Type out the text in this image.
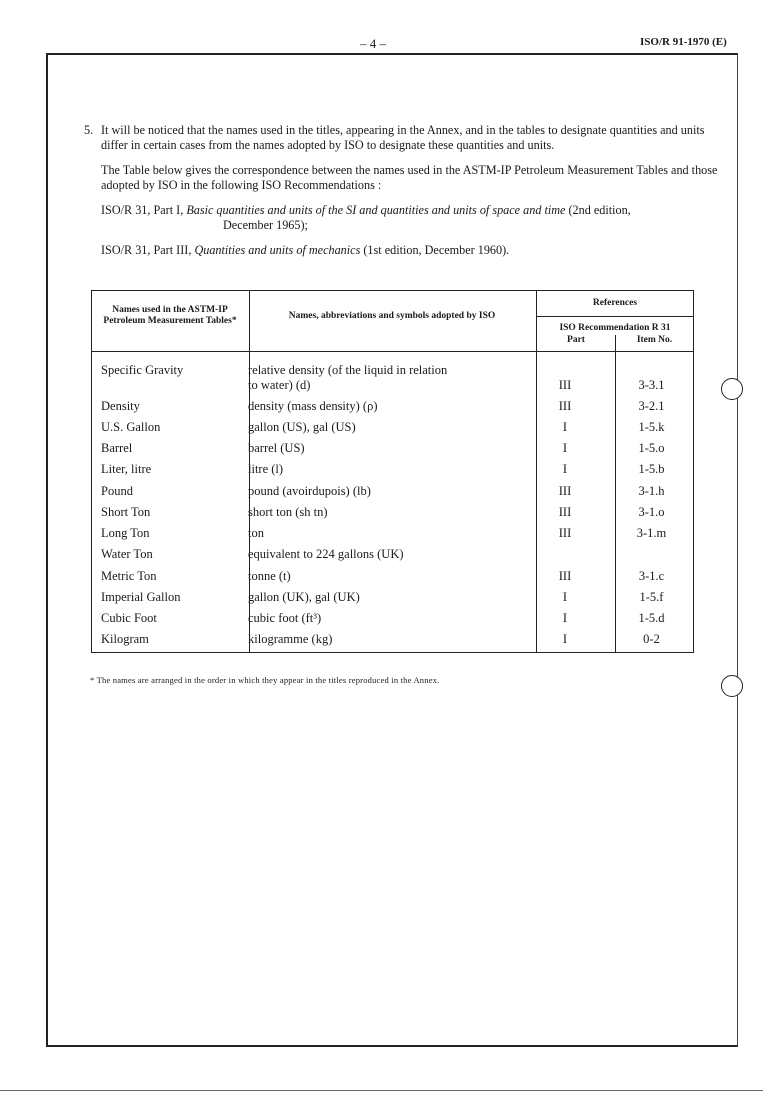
– 4 –	ISO/R 91-1970 (E)
5. It will be noticed that the names used in the titles, appearing in the Annex, and in the tables to designate quantities and units differ in certain cases from the names adopted by ISO to designate these quantities and units.
The Table below gives the correspondence between the names used in the ASTM-IP Petroleum Measurement Tables and those adopted by ISO in the following ISO Recommendations :
ISO/R 31, Part I, Basic quantities and units of the SI and quantities and units of space and time (2nd edition,
December 1965);
ISO/R 31, Part III, Quantities and units of mechanics (1st edition, December 1960).
Names used in the ASTM-IP Petroleum Measurement Tables*	Names, abbreviations and symbols adopted by ISO
References
ISO Recommendation R 31
Part	Item No.
Specific Gravity	relative density (of the liquid in relation
to water) (d)	III	3-3.1
Density	density (mass density) (ρ)	III	3-2.1
U.S. Gallon	gallon (US), gal (US)	I	1-5.k
Barrel	barrel (US)	I	1-5.o
Liter, litre	litre (l)	I	1-5.b
Pound	pound (avoirdupois) (lb)	III	3-1.h
Short Ton	short ton (sh tn)	III	3-1.o
Long Ton	ton	III	3-1.m
Water Ton	equivalent to 224 gallons (UK)
Metric Ton	tonne (t)	III	3-1.c
Imperial Gallon	gallon (UK), gal (UK)	I	1-5.f
Cubic Foot	cubic foot (ft³)	I	1-5.d
Kilogram	kilogramme (kg)	I	0-2
* The names are arranged in the order in which they appear in the titles reproduced in the Annex.
